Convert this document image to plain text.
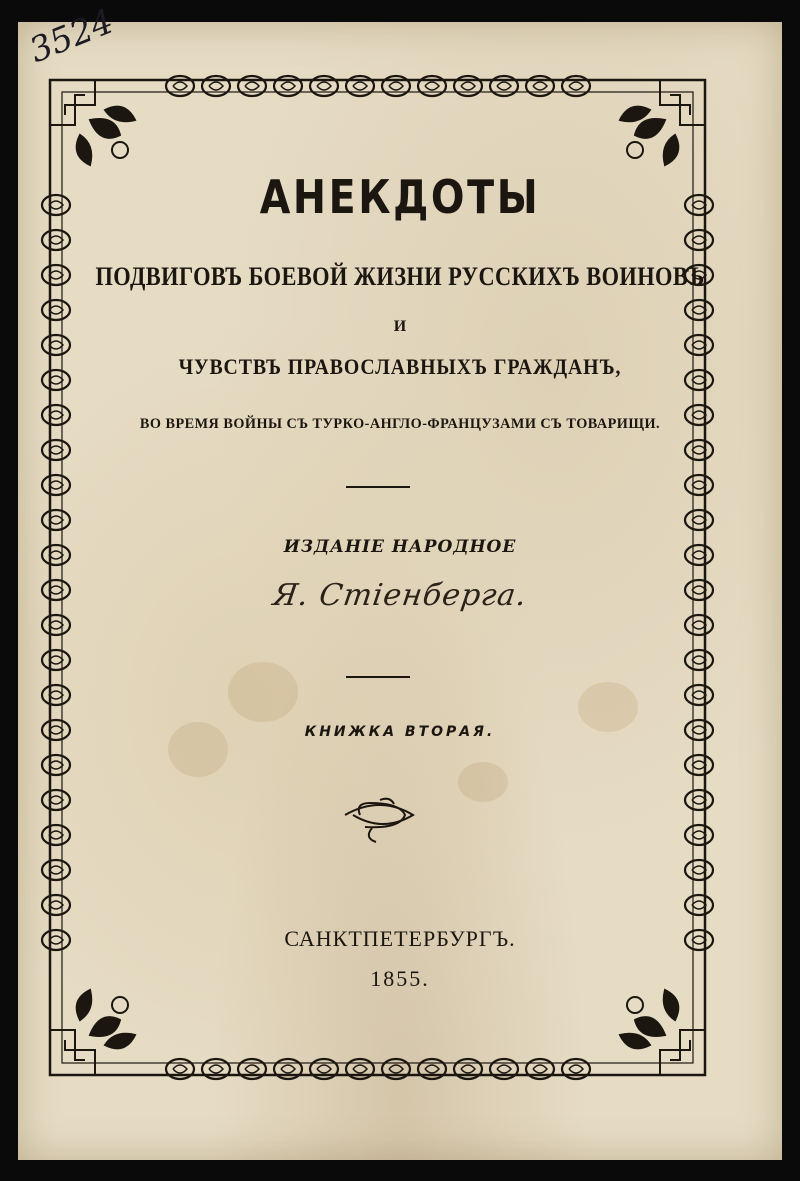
3524
АНЕКДОТЫ
ПОДВИГОВЪ БОЕВОЙ ЖИЗНИ РУССКИХЪ ВОИНОВЪ
И
ЧУВСТВЪ ПРАВОСЛАВНЫХЪ ГРАЖДАНЪ,
ВО ВРЕМЯ ВОЙНЫ СЪ ТУРКО-АНГЛО-ФРАНЦУЗАМИ СЪ ТОВАРИЩИ.
ИЗДАНІЕ НАРОДНОЕ
Я. Стіенберга.
КНИЖКА ВТОРАЯ.
САНКТПЕТЕРБУРГЪ.
1855.
